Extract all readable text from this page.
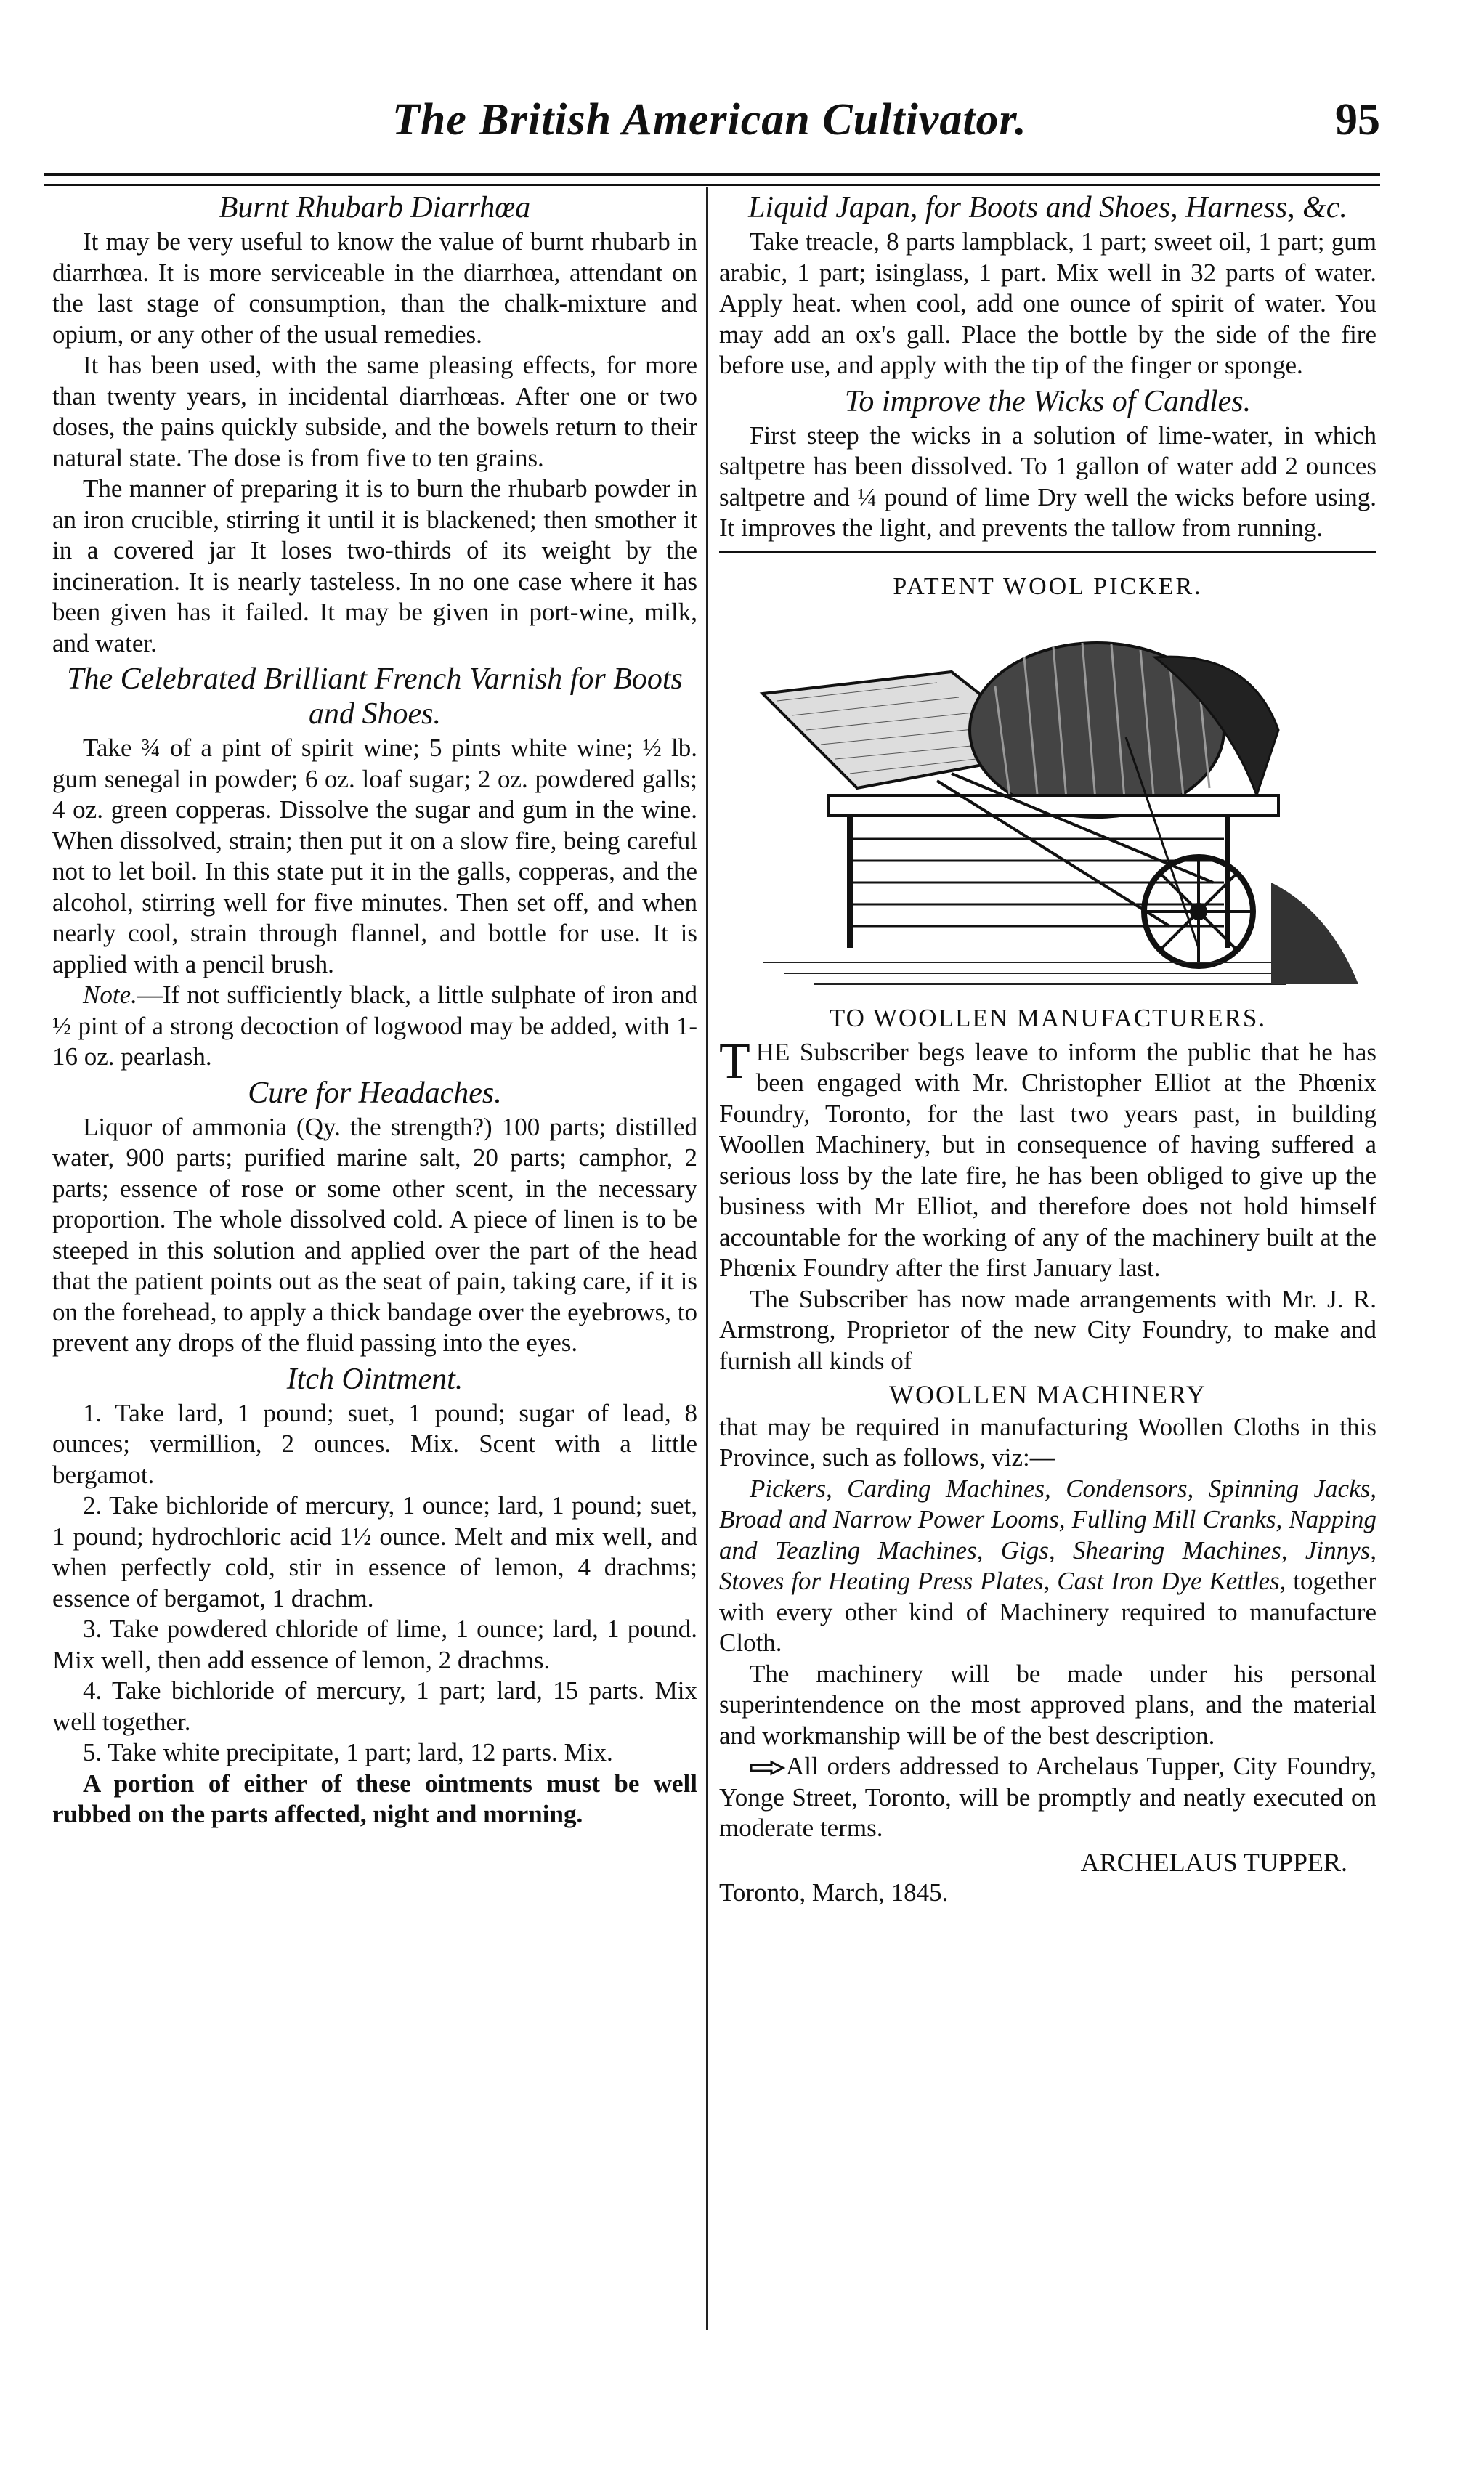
The British American Cultivator.	95
Burnt Rhubarb Diarrhœa

It may be very useful to know the value of burnt rhubarb in diarrhœa. It is more serviceable in the diarrhœa, attendant on the last stage of consumption, than the chalk-mixture and opium, or any other of the usual remedies.

It has been used, with the same pleasing effects, for more than twenty years, in incidental diarrhœas. After one or two doses, the pains quickly subside, and the bowels return to their natural state. The dose is from five to ten grains.

The manner of preparing it is to burn the rhubarb powder in an iron crucible, stirring it until it is blackened; then smother it in a covered jar It loses two-thirds of its weight by the incineration. It is nearly tasteless. In no one case where it has been given has it failed. It may be given in port-wine, milk, and water.

The Celebrated Brilliant French Varnish for Boots and Shoes.

Take ¾ of a pint of spirit wine; 5 pints white wine; ½ lb. gum senegal in powder; 6 oz. loaf sugar; 2 oz. powdered galls; 4 oz. green copperas. Dissolve the sugar and gum in the wine. When dissolved, strain; then put it on a slow fire, being careful not to let boil. In this state put it in the galls, copperas, and the alcohol, stirring well for five minutes. Then set off, and when nearly cool, strain through flannel, and bottle for use. It is applied with a pencil brush.

Note.—If not sufficiently black, a little sulphate of iron and ½ pint of a strong decoction of logwood may be added, with 1-16 oz. pearlash.

Cure for Headaches.

Liquor of ammonia (Qy. the strength?) 100 parts; distilled water, 900 parts; purified marine salt, 20 parts; camphor, 2 parts; essence of rose or some other scent, in the necessary proportion. The whole dissolved cold. A piece of linen is to be steeped in this solution and applied over the part of the head that the patient points out as the seat of pain, taking care, if it is on the forehead, to apply a thick bandage over the eyebrows, to prevent any drops of the fluid passing into the eyes.

Itch Ointment.

1. Take lard, 1 pound; suet, 1 pound; sugar of lead, 8 ounces; vermillion, 2 ounces. Mix. Scent with a little bergamot.

2. Take bichloride of mercury, 1 ounce; lard, 1 pound; suet, 1 pound; hydrochloric acid 1½ ounce. Melt and mix well, and when perfectly cold, stir in essence of lemon, 4 drachms; essence of bergamot, 1 drachm.

3. Take powdered chloride of lime, 1 ounce; lard, 1 pound. Mix well, then add essence of lemon, 2 drachms.

4. Take bichloride of mercury, 1 part; lard, 15 parts. Mix well together.

5. Take white precipitate, 1 part; lard, 12 parts. Mix.

A portion of either of these ointments must be well rubbed on the parts affected, night and morning.

Liquid Japan, for Boots and Shoes, Harness, &c.

Take treacle, 8 parts lampblack, 1 part; sweet oil, 1 part; gum arabic, 1 part; isinglass, 1 part. Mix well in 32 parts of water. Apply heat. when cool, add one ounce of spirit of water. You may add an ox's gall. Place the bottle by the side of the fire before use, and apply with the tip of the finger or sponge.

To improve the Wicks of Candles.

First steep the wicks in a solution of lime-water, in which saltpetre has been dissolved. To 1 gallon of water add 2 ounces saltpetre and ¼ pound of lime Dry well the wicks before using. It improves the light, and prevents the tallow from running.

PATENT WOOL PICKER.
TO WOOLLEN MANUFACTURERS.

THE Subscriber begs leave to inform the public that he has been engaged with Mr. Christopher Elliot at the Phœnix Foundry, Toronto, for the last two years past, in building Woollen Machinery, but in consequence of having suffered a serious loss by the late fire, he has been obliged to give up the business with Mr Elliot, and therefore does not hold himself accountable for the working of any of the machinery built at the Phœnix Foundry after the first January last.

The Subscriber has now made arrangements with Mr. J. R. Armstrong, Proprietor of the new City Foundry, to make and furnish all kinds of

WOOLLEN MACHINERY

that may be required in manufacturing Woollen Cloths in this Province, such as follows, viz:—

Pickers, Carding Machines, Condensors, Spinning Jacks, Broad and Narrow Power Looms, Fulling Mill Cranks, Napping and Teazling Machines, Gigs, Shearing Machines, Jinnys, Stoves for Heating Press Plates, Cast Iron Dye Kettles, together with every other kind of Machinery required to manufacture Cloth.

The machinery will be made under his personal superintendence on the most approved plans, and the material and workmanship will be of the best description.

All orders addressed to Archelaus Tupper, City Foundry, Yonge Street, Toronto, will be promptly and neatly executed on moderate terms.

ARCHELAUS TUPPER.
Toronto, March, 1845.
